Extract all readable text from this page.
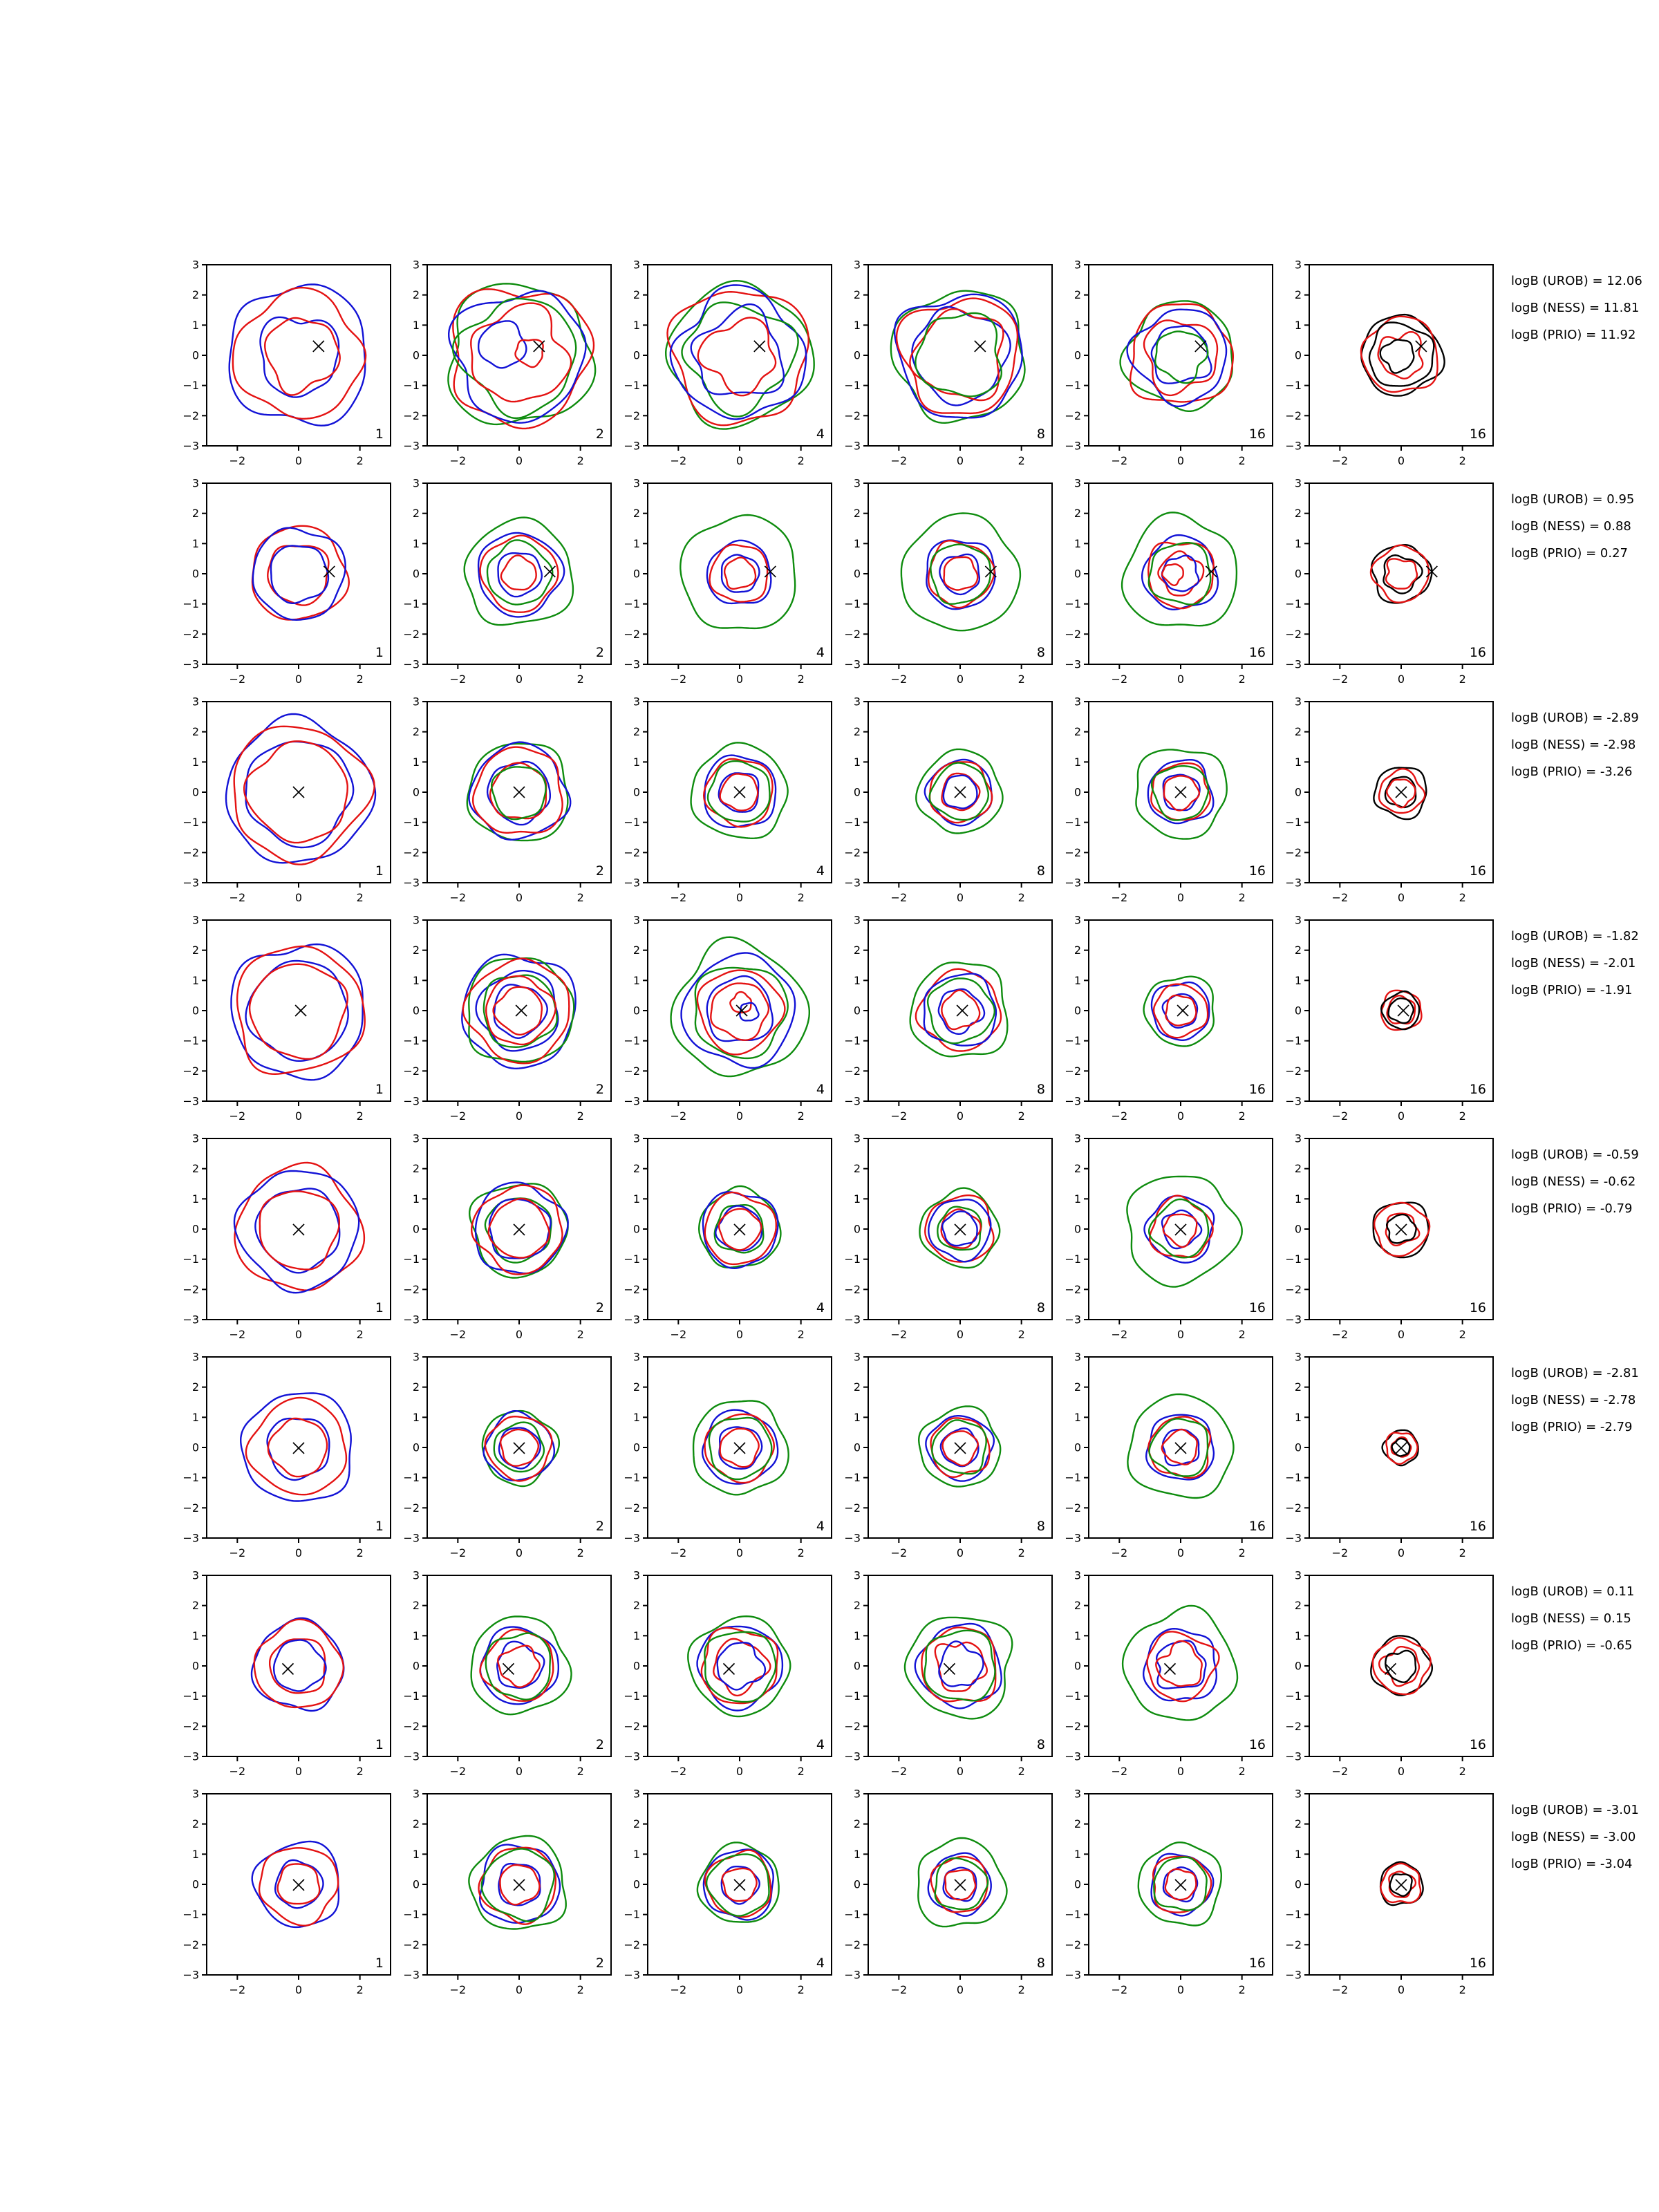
−2	0	2
3
2
1
0
−1
−2
−3
1
−2	0	2
3
2
1
0
−1
−2
−3
2
−2	0	2
3
2
1
0
−1
−2
−3
4
−2	0	2
3
2
1
0
−1
−2
−3
8
−2	0	2
3
2
1
0
−1
−2
−3
16
−2	0	2
3
2
1
0
−1
−2
−3
16
logB (UROB) = 12.06
logB (NESS) = 11.81
logB (PRIO) = 11.92
−2	0	2
3
2
1
0
−1
−2
−3
1
−2	0	2
3
2
1
0
−1
−2
−3
2
−2	0	2
3
2
1
0
−1
−2
−3
4
−2	0	2
3
2
1
0
−1
−2
−3
8
−2	0	2
3
2
1
0
−1
−2
−3
16
−2	0	2
3
2
1
0
−1
−2
−3
16
logB (UROB) = 0.95
logB (NESS) = 0.88
logB (PRIO) = 0.27
−2	0	2
3
2
1
0
−1
−2
−3
1
−2	0	2
3
2
1
0
−1
−2
−3
2
−2	0	2
3
2
1
0
−1
−2
−3
4
−2	0	2
3
2
1
0
−1
−2
−3
8
−2	0	2
3
2
1
0
−1
−2
−3
16
−2	0	2
3
2
1
0
−1
−2
−3
16
logB (UROB) = -2.89
logB (NESS) = -2.98
logB (PRIO) = -3.26
−2	0	2
3
2
1
0
−1
−2
−3
1
−2	0	2
3
2
1
0
−1
−2
−3
2
−2	0	2
3
2
1
0
−1
−2
−3
4
−2	0	2
3
2
1
0
−1
−2
−3
8
−2	0	2
3
2
1
0
−1
−2
−3
16
−2	0	2
3
2
1
0
−1
−2
−3
16
logB (UROB) = -1.82
logB (NESS) = -2.01
logB (PRIO) = -1.91
−2	0	2
3
2
1
0
−1
−2
−3
1
−2	0	2
3
2
1
0
−1
−2
−3
2
−2	0	2
3
2
1
0
−1
−2
−3
4
−2	0	2
3
2
1
0
−1
−2
−3
8
−2	0	2
3
2
1
0
−1
−2
−3
16
−2	0	2
3
2
1
0
−1
−2
−3
16
logB (UROB) = -0.59
logB (NESS) = -0.62
logB (PRIO) = -0.79
−2	0	2
3
2
1
0
−1
−2
−3
1
−2	0	2
3
2
1
0
−1
−2
−3
2
−2	0	2
3
2
1
0
−1
−2
−3
4
−2	0	2
3
2
1
0
−1
−2
−3
8
−2	0	2
3
2
1
0
−1
−2
−3
16
−2	0	2
3
2
1
0
−1
−2
−3
16
logB (UROB) = -2.81
logB (NESS) = -2.78
logB (PRIO) = -2.79
−2	0	2
3
2
1
0
−1
−2
−3
1
−2	0	2
3
2
1
0
−1
−2
−3
2
−2	0	2
3
2
1
0
−1
−2
−3
4
−2	0	2
3
2
1
0
−1
−2
−3
8
−2	0	2
3
2
1
0
−1
−2
−3
16
−2	0	2
3
2
1
0
−1
−2
−3
16
logB (UROB) = 0.11
logB (NESS) = 0.15
logB (PRIO) = -0.65
−2	0	2
3
2
1
0
−1
−2
−3
1
−2	0	2
3
2
1
0
−1
−2
−3
2
−2	0	2
3
2
1
0
−1
−2
−3
4
−2	0	2
3
2
1
0
−1
−2
−3
8
−2	0	2
3
2
1
0
−1
−2
−3
16
−2	0	2
3
2
1
0
−1
−2
−3
16
logB (UROB) = -3.01
logB (NESS) = -3.00
logB (PRIO) = -3.04
